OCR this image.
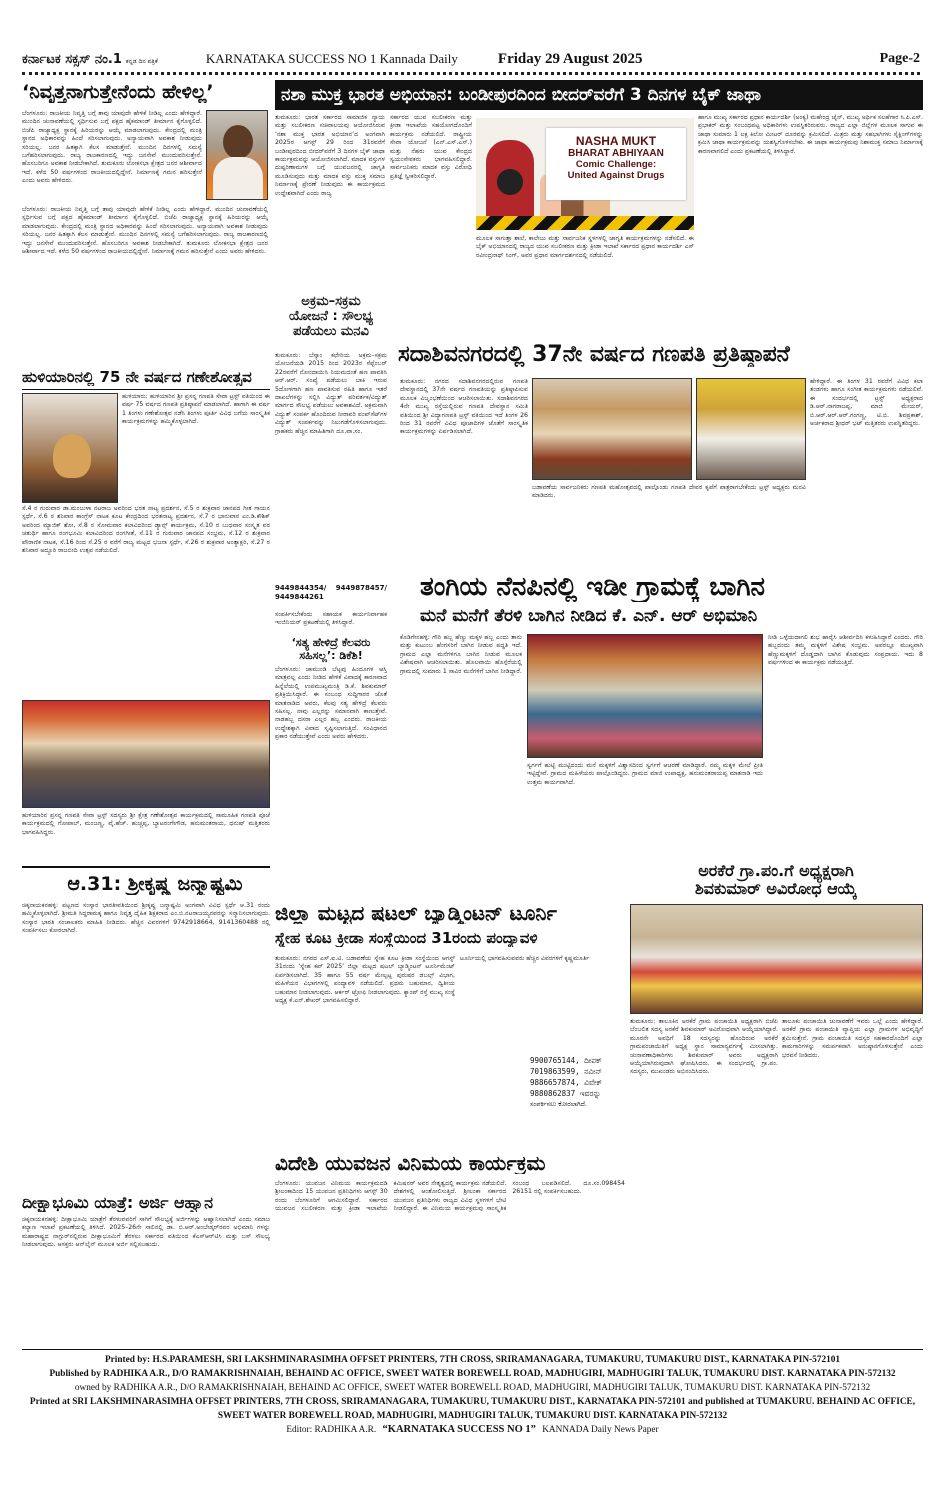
ಕರ್ನಾಟಕ ಸಕ್ಸಸ್ ನಂ.1 ಕನ್ನಡ ದಿನ ಪತ್ರಿಕೆ	KARNATAKA SUCCESS NO 1 Kannada Daily	Friday 29 August 2025	Page-2
‘ನಿವೃತ್ತನಾಗುತ್ತೇನೆಂದು ಹೇಳಿಲ್ಲ’

ಬೆಂಗಳೂರು: ರಾಜಕೀಯ ನಿವೃತ್ತಿ ಬಗ್ಗೆ ತಾವು ಯಾವುದೇ ಹೇಳಿಕೆ ನೀಡಿಲ್ಲ ಎಂದು ಹೇಳಿದ್ದಾರೆ. ಮುಂದಿನ ಚುನಾವಣೆಯಲ್ಲಿ ಸ್ಪರ್ಧಿಸುವ ಬಗ್ಗೆ ಪಕ್ಷದ ಹೈಕಮಾಂಡ್ ತೀರ್ಮಾನ ಕೈಗೊಳ್ಳಲಿದೆ. ಬಿಜೆಪಿ ರಾಜ್ಯಾಧ್ಯಕ್ಷ ಸ್ಥಾನಕ್ಕೆ ಹಿರಿಯರನ್ನು ಆಯ್ಕೆ ಮಾಡಲಾಗುವುದು. ಕೇಂದ್ರದಲ್ಲಿ ಮಂತ್ರಿ ಸ್ಥಾನದ ಅಧಿಕಾರವನ್ನು ಹಿಂದೆ ಸರಿಸಲಾಗುವುದು. ಅನ್ಯಾಯವಾಗಿ ಅವಕಾಶ ನೀಡುವುದು ಸರಿಯಲ್ಲ. ಜನರ ಹಿತಕ್ಕಾಗಿ ಕೆಲಸ ಮಾಡುತ್ತೇನೆ. ಮುಂದಿನ ದಿನಗಳಲ್ಲಿ ಸಮಸ್ಯೆ ಬಗೆಹರಿಸಲಾಗುವುದು. ರಾಜ್ಯ ರಾಜಕಾರಣದಲ್ಲಿ ಇದ್ದು ಜನಸೇವೆ ಮುಂದುವರಿಸುತ್ತೇನೆ. ಹೊಸಬರಿಗೂ ಅವಕಾಶ ನೀಡಬೇಕಾಗಿದೆ. ತುಮಕೂರು ಲೋಕಸಭಾ ಕ್ಷೇತ್ರದ ಜನರ ಆಶೀರ್ವಾದ ಇದೆ. ಕಳೆದ 50 ವರ್ಷಗಳಿಂದ ರಾಜಕೀಯದಲ್ಲಿದ್ದೇನೆ. ನಿರ್ಮಾಣಕ್ಕೆ ಗಮನ ಹರಿಸುತ್ತೇನೆ ಎಂದು ಅವರು ಹೇಳಿದರು.

ಬೆಂಗಳೂರು: ರಾಜಕೀಯ ನಿವೃತ್ತಿ ಬಗ್ಗೆ ತಾವು ಯಾವುದೇ ಹೇಳಿಕೆ ನೀಡಿಲ್ಲ ಎಂದು ಹೇಳಿದ್ದಾರೆ. ಮುಂದಿನ ಚುನಾವಣೆಯಲ್ಲಿ ಸ್ಪರ್ಧಿಸುವ ಬಗ್ಗೆ ಪಕ್ಷದ ಹೈಕಮಾಂಡ್ ತೀರ್ಮಾನ ಕೈಗೊಳ್ಳಲಿದೆ. ಬಿಜೆಪಿ ರಾಜ್ಯಾಧ್ಯಕ್ಷ ಸ್ಥಾನಕ್ಕೆ ಹಿರಿಯರನ್ನು ಆಯ್ಕೆ ಮಾಡಲಾಗುವುದು. ಕೇಂದ್ರದಲ್ಲಿ ಮಂತ್ರಿ ಸ್ಥಾನದ ಅಧಿಕಾರವನ್ನು ಹಿಂದೆ ಸರಿಸಲಾಗುವುದು. ಅನ್ಯಾಯವಾಗಿ ಅವಕಾಶ ನೀಡುವುದು ಸರಿಯಲ್ಲ. ಜನರ ಹಿತಕ್ಕಾಗಿ ಕೆಲಸ ಮಾಡುತ್ತೇನೆ. ಮುಂದಿನ ದಿನಗಳಲ್ಲಿ ಸಮಸ್ಯೆ ಬಗೆಹರಿಸಲಾಗುವುದು. ರಾಜ್ಯ ರಾಜಕಾರಣದಲ್ಲಿ ಇದ್ದು ಜನಸೇವೆ ಮುಂದುವರಿಸುತ್ತೇನೆ. ಹೊಸಬರಿಗೂ ಅವಕಾಶ ನೀಡಬೇಕಾಗಿದೆ. ತುಮಕೂರು ಲೋಕಸಭಾ ಕ್ಷೇತ್ರದ ಜನರ ಆಶೀರ್ವಾದ ಇದೆ. ಕಳೆದ 50 ವರ್ಷಗಳಿಂದ ರಾಜಕೀಯದಲ್ಲಿದ್ದೇನೆ. ನಿರ್ಮಾಣಕ್ಕೆ ಗಮನ ಹರಿಸುತ್ತೇನೆ ಎಂದು ಅವರು ಹೇಳಿದರು.

ಹುಳಿಯಾರಿನಲ್ಲಿ 75 ನೇ ವರ್ಷದ ಗಣೇಶೋತ್ಸವ

ಹುಳಿಯಾರು: ಹುಳಿಯಾರಿನ ಶ್ರೀ ಪ್ರಸನ್ನ ಗಣಪತಿ ಸೇವಾ ಟ್ರಸ್ಟ್ ವತಿಯಿಂದ ಈ ವರ್ಷ 75 ವರ್ಷದ ಗಣಪತಿ ಪ್ರತಿಷ್ಠಾಪನೆ ಮಾಡಲಾಗಿದೆ. ಹಾಗಾಗಿ ಈ ವರ್ಷ 1 ತಿಂಗಳು ಗಣೇಶೋತ್ಸವ ನಡೆಸಿ ತಿಂಗಳು ಪೂರ್ತಿ ವಿವಿಧ ಬಗೆಯ ಸಾಂಸ್ಕೃತಿಕ ಕಾರ್ಯಕ್ರಮಗಳನ್ನು ಹಮ್ಮಿಕೊಳ್ಳಲಾಗಿದೆ.

ಸೆ.4 ರ ಗುರುವಾರ ಡಾ.ಮಂಜುಳಾ ನಟರಾಜ ಅವರಿಂದ ಭರತ ನಾಟ್ಯ ಪ್ರದರ್ಶನ, ಸೆ.5 ರ ಶುಕ್ರವಾರ ಜಾನಪದ ಗೀತ ಗಾಯನ ಸ್ಪರ್ಧೆ, ಸೆ.6 ರ ಶನಿವಾರ ಕಾಂಗ್ರೆಸ್ ನಾಟಕ ಕೂಟ ಕೇಂದ್ರದಿಂದ ಭರತನಾಟ್ಯ ಪ್ರದರ್ಶನ, ಸೆ.7 ರ ಭಾನುವಾರ ಎಂ.ಡಿ.ಕೌಶಿಕ್ ಅವರಿಂದ ಮ್ಯಾಜಿಕ್ ಶೋ, ಸೆ.8 ರ ಸೋಮವಾರ ಕಲಾವಿದರಿಂದ ಡ್ಯಾನ್ಸ್ ಕಾರ್ಯಕ್ರಮ, ಸೆ.10 ರ ಬುಧವಾರ ಸಂಸ್ಕೃತ ವರ ಚತುರ್ಥಿ ಹಾಗೂ ರಂಗಭೂಮಿ ಕಲಾವಿದರಿಂದ ರಂಗಗೀತೆ, ಸೆ.11 ರ ಗುರುವಾರ ಜಾನಪದ ಸಂಭ್ರಮ, ಸೆ.12 ರ ಶುಕ್ರವಾರ ಪೌರಾಣಿಕ ನಾಟಕ, ಸೆ.16 ರಿಂದ ಸೆ.25 ರ ವರೆಗೆ ರಾಜ್ಯ ಮಟ್ಟದ ಭಜನಾ ಸ್ಪರ್ಧೆ, ಸೆ.26 ರ ಶುಕ್ರವಾರ ಅಂತ್ಯಾಕ್ಷರಿ, ಸೆ.27 ರ ಶನಿವಾರ ಅದ್ದೂರಿ ರಾಜಬೀದಿ ಉತ್ಸವ ನಡೆಯಲಿದೆ.

ಹುಳಿಯಾರಿನ ಪ್ರಸನ್ನ ಗಣಪತಿ ಸೇವಾ ಟ್ರಸ್ಟ್ ಸದಸ್ಯರು ಶ್ರೀ ಕ್ಷೇತ್ರ ಗಣೇಶೋತ್ಸವ ಕಾರ್ಯಕ್ರಮದಲ್ಲಿ ಸಾಮೂಹಿಕ ಗಣಪತಿ ಪೂಜೆ ಕಾರ್ಯಕ್ರಮದಲ್ಲಿ ಗೋಪಾಲ್, ಮಂಜಣ್ಣ, ವೈ.ಹೆಚ್. ಹುಚ್ಚಪ್ಪ, ಬ್ಯಾಟರಂಗೇಗೌಡ, ಹನುಮಂತರಾಯ, ಧನುಷ್ ಮತ್ತಿತರರು ಭಾಗವಹಿಸಿದ್ದರು.

ಆ.31: ಶ್ರೀಕೃಷ್ಣ ಜನ್ಮಾಷ್ಟಮಿ

ಚಿಕ್ಕನಾಯಕನಹಳ್ಳಿ: ಪಟ್ಟಣದ ಸಂಸ್ಕಾರ ಭಾರತೀವತಿಯಿಂದ ಶ್ರೀಕೃಷ್ಣ ಜನ್ಮಾಷ್ಟಮಿ ಅಂಗವಾಗಿ ವಿವಿಧ ಸ್ಪರ್ಧೆ ಆ.31 ರಂದು ಹಮ್ಮಿಕೊಳ್ಳಲಾಗಿದೆ. ಶ್ರೀಮತಿ ಸಿದ್ಧರಾಮಕ್ಕ ಹಾಗೂ ನಿವೃತ್ತ ದೈಹಿಕ ಶಿಕ್ಷಕರಾದ ಎಂ.ಬಿ.ನಟರಾಜಯ್ಯನವರನ್ನು ಸನ್ಮಾನಿಸಲಾಗುವುದು. ಸಂಸ್ಕಾರ ಭಾರತಿ ಸಂಚಾಲಕರು ಮಾಹಿತಿ ನೀಡಿದರು. ಹೆಚ್ಚಿನ ವಿವರಗಳಿಗೆ 9742918664, 9141360488 ರಲ್ಲಿ ಸಂಪರ್ಕಿಸಲು ಕೋರಲಾಗಿದೆ.

ದೀಕ್ಷಾಭೂಮಿ ಯಾತ್ರೆ: ಅರ್ಜಿ ಆಹ್ವಾನ

ಚಿಕ್ಕನಾಯಕನಹಳ್ಳಿ: ದೀಕ್ಷಾಭೂಮಿ ಯಾತ್ರೆಗೆ ತೆರಳುವವರಿಗೆ ಸಾಗಿಗೆ ಸೌಲಭ್ಯಕ್ಕೆ ಅರ್ಜಿಗಳನ್ನು ಆಹ್ವಾನಿಸಲಾಗಿದೆ ಎಂದು ಸಮಾಜ ಕಲ್ಯಾಣ ಇಲಾಖೆ ಪ್ರಕಟಣೆಯಲ್ಲಿ ತಿಳಿಸಿದೆ. 2025–26ನೇ ಸಾಲಿನಲ್ಲಿ ಡಾ. ಬಿ.ಆರ್.ಅಂಬೇಡ್ಕರ್‌ರವರ ಅಭಿಮಾನಿ ಗಳನ್ನು ಮಹಾರಾಷ್ಟ್ರದ ನಾಗ್ಪುರ್‌ನಲ್ಲಿರುವ ದೀಕ್ಷಾಭೂಮಿಗೆ ತೆರಳಲು ಸರ್ಕಾರದ ವತಿಯಿಂದ ಕೆಎಸ್‌ಆರ್‌ಟಿಸಿ ಮತ್ತು ಬಸ್ ಸೌಲಭ್ಯ ನೀಡಲಾಗುವುದು. ಆಸಕ್ತರು ಆನ್‌ಲೈನ್ ಮೂಲಕ ಅರ್ಜಿ ಸಲ್ಲಿಸಬಹುದು.

ನಶಾ ಮುಕ್ತ ಭಾರತ ಅಭಿಯಾನ: ಬಂಡೀಪುರದಿಂದ ಬೀದರ್‌ವರೆಗೆ 3 ದಿನಗಳ ಬೈಕ್ ಜಾಥಾ

ತುಮಕೂರು: ಭಾರತ ಸರ್ಕಾರದ ಸಾಮಾಜಿಕ ನ್ಯಾಯ ಮತ್ತು ಸಬಲೀಕರಣ ಸಚಿವಾಲಯವು ಆಯೋಜಿಸಿರುವ ‘ನಶಾ ಮುಕ್ತ ಭಾರತ ಅಭಿಯಾನ’ದ ಅಂಗವಾಗಿ 2025ರ ಆಗಸ್ಟ್ 29 ರಿಂದ 31ರವರೆಗೆ ಬಂಡೀಪುರದಿಂದ ಬೀದರ್‌ವರೆಗೆ 3 ದಿನಗಳ ಬೈಕ್ ಜಾಥಾ ಕಾರ್ಯಕ್ರಮವನ್ನು ಆಯೋಜಿಸಲಾಗಿದೆ. ಮಾದಕ ವಸ್ತುಗಳ ದುಷ್ಪರಿಣಾಮಗಳ ಬಗ್ಗೆ ಯುವಜನರಲ್ಲಿ ಜಾಗೃತಿ ಮೂಡಿಸುವುದು ಮತ್ತು ಮಾದಕ ವಸ್ತು ಮುಕ್ತ ಸಮಾಜ ನಿರ್ಮಾಣಕ್ಕೆ ಪ್ರೇರಣೆ ನೀಡುವುದು ಈ ಕಾರ್ಯಕ್ರಮದ ಉದ್ದೇಶವಾಗಿದೆ ಎಂದು ರಾಜ್ಯ

ಸರ್ಕಾರದ ಯುವ ಸಬಲೀಕರಣ ಮತ್ತು ಕ್ರೀಡಾ ಇಲಾಖೆಯ ಸಹಯೋಗದೊಂದಿಗೆ ಕಾರ್ಯಕ್ರಮ ನಡೆಯಲಿದೆ. ರಾಷ್ಟ್ರೀಯ ಸೇವಾ ಯೋಜನೆ (ಎನ್.ಎಸ್.ಎಸ್.) ಮತ್ತು ನೆಹರು ಯುವ ಕೇಂದ್ರದ ಸ್ವಯಂಸೇವಕರು ಭಾಗವಹಿಸಲಿದ್ದಾರೆ. ಸಾರ್ವಜನಿಕರು ಮಾದಕ ವಸ್ತು ವಿರೋಧಿ ಪ್ರತಿಜ್ಞೆ ಸ್ವೀಕರಿಸಲಿದ್ದಾರೆ.

NASHA MUKT
BHARAT ABHIYAAN
Comic Challenge:
United Against Drugs

ಮೂಲಕ ಸಾಗುತ್ತಾ ಶಾಲೆ, ಕಾಲೇಜು ಮತ್ತು ಸಾರ್ವಜನಿಕ ಸ್ಥಳಗಳಲ್ಲಿ ಜಾಗೃತಿ ಕಾರ್ಯಕ್ರಮಗಳನ್ನು ನಡೆಸಲಿದೆ. ಈ ಬೈಕ್ ಅಭಿಯಾನದಲ್ಲಿ ರಾಜ್ಯದ ಯುವ ಸಬಲೀಕರಣ ಮತ್ತು ಕ್ರೀಡಾ ಇಲಾಖೆ ಸರ್ಕಾರದ ಪ್ರಧಾನ ಕಾರ್ಯದರ್ಶಿ ಎಸ್ ರವೀಂದ್ರನಾಥ್ ಸಿಂಗ್, ಅವರ ಪ್ರಧಾನ ಮಾರ್ಗದರ್ಶನದಲ್ಲಿ ನಡೆಯಲಿದೆ.

ಹಾಗೂ ಮುಖ್ಯ ಸರ್ಕಾರದ ಪ್ರಧಾನ ಕಾರ್ಯದರ್ಶಿ (ಅಂಕ್ಯ) ಮಹೇಂದ್ರ ಜೈನ್, ಮುಖ್ಯ ಅರ್ಥಿಕ ಸಲಹೆಗಾರ ಸಿ.ಪಿ.ಎಸ್. ಪ್ರಭಾಕರ್ ಮತ್ತು ಸಂಬಂಧಪಟ್ಟ ಅಧಿಕಾರಿಗಳು ಉಪಸ್ಥಿತರಿರುವರು. ರಾಜ್ಯದ ಎಲ್ಲಾ ಜಿಲ್ಲೆಗಳ ಮೂಲಕ ಸಾಗುವ ಈ ಜಾಥಾ ಸುಮಾರು 1 ಲಕ್ಷ ಕಿಲೋ ಮೀಟರ್ ದೂರವನ್ನು ಕ್ರಮಿಸಲಿದೆ. ಮಿತ್ರರು ಮತ್ತು ಸಹಭಾಗಿಗಳು ಸೈಕ್ಲಿಂಗ್‌ಗಳನ್ನು ಕ್ರಮಿಸಿ ಜಾಥಾ ಕಾರ್ಯಕ್ರಮವನ್ನು ಯಶಸ್ವಿಗೊಳಿಸಬೇಕು. ಈ ಜಾಥಾ ಕಾರ್ಯಕ್ರಮವು ನಿಶಾಮುಕ್ತ ಸಮಾಜ ನಿರ್ಮಾಣಕ್ಕೆ ಕಾರಣವಾಗಲಿದೆ ಎಂದು ಪ್ರಕಟಣೆಯಲ್ಲಿ ತಿಳಿಸಿದ್ದಾರೆ.

ಅಕ್ರಮ–ಸಕ್ರಮ
ಯೋಜನೆ : ಸೌಲಭ್ಯ
ಪಡೆಯಲು ಮನವಿ

ತುಮಕೂರು: ಬೆಸ್ಕಾಂ ಕಛೇರಿಯ ಅಕ್ರಮ–ಸಕ್ರಮ ಯೋಜನೆಯಡಿ 2015 ರಿಂದ 2023ರ ಸೆಪ್ಟೆಂಬರ್ 22ರವರೆಗೆ ನೋಂದಾಯಿಸಿ ನಿಯಮದಂತೆ ಹಣ ಪಾವತಿಸಿ ಆರ್.ಆರ್. ಸಂಖ್ಯೆ ಪಡೆಯಲು ಬಾಕಿ ಇರುವ 5ದೋಳಗಾಗಿ ಹಣ ಪಾವತಿಸುವ ರಹಿತಿ ಹಾಗೂ ಇತರೆ ದಾಖಲೆಗಳನ್ನು ಸಲ್ಲಿಸಿ ವಿದ್ಯುತ್ ಪರಿವರ್ತಕ/ವಿದ್ಯುತ್ ಮಾರ್ಗದ ಸೌಲಭ್ಯ ಪಡೆಯಲು ಅವಕಾಶವಿದೆ. ಅಕ್ರಮವಾಗಿ ವಿದ್ಯುತ್ ಸಂಪರ್ಕ ಹೊಂದಿರುವ ನೀರಾವರಿ ಪಂಪ್‌ಸೆಟ್‌ಗಳ ವಿದ್ಯುತ್ ಸಂಪರ್ಕವನ್ನು ನಿಲುಗಡೆಗೊಳಿಸಲಾಗುವುದು. ಗ್ರಾಹಕರು ಹೆಚ್ಚಿನ ಮಾಹಿತಿಗಾಗಿ ದೂ.ವಾ.ಸಂ.

9449844354/ 9449878457/ 9449844261

ಸಂಪರ್ಕಿಸಬೇಕೆಂದು ಸಹಾಯಕ ಕಾರ್ಯನಿರ್ವಾಹಕ ಇಂಜಿನಿಯರ್ ಪ್ರಕಟಣೆಯಲ್ಲಿ ತಿಳಿಸಿದ್ದಾರೆ.

‘ಸತ್ಯ ಹೇಳಿದ್ರೆ ಕೆಲವರು
ಸಹಿಸಲ್ಲ’: ಡಿಕೆಶಿ!

ಬೆಂಗಳೂರು: ಚಾಮುಂಡಿ ಬೆಟ್ಟವು ಹಿಂದೂಗಳ ಆಸ್ತಿ ಮಾತ್ರವಲ್ಲ ಎಂದು ನೀಡಿದ ಹೇಳಿಕೆ ವಿವಾದಕ್ಕೆ ಕಾರಣವಾದ ಹಿನ್ನೆಲೆಯಲ್ಲಿ ಉಪಮುಖ್ಯಮಂತ್ರಿ ಡಿ.ಕೆ. ಶಿವಕುಮಾರ್ ಪ್ರತಿಕ್ರಿಯಿಸಿದ್ದಾರೆ. ಈ ಸಂಬಂಧ ಸುದ್ದಿಗಾರರ ಜೊತೆ ಮಾತನಾಡಿದ ಅವರು, ಕೆಲವು ಸತ್ಯ ಹೇಳಿದ್ರೆ ಕೆಲವರು ಸಹಿಸಲ್ಲ. ನಾವು ಎಲ್ಲರನ್ನು ಸಮಾನವಾಗಿ ಕಾಣುತ್ತೇವೆ. ನಾಡಹಬ್ಬ ದಸರಾ ಎಲ್ಲರ ಹಬ್ಬ ಎಂದರು. ರಾಜಕೀಯ ಉದ್ದೇಶಕ್ಕಾಗಿ ವಿವಾದ ಸೃಷ್ಟಿಸಲಾಗುತ್ತಿದೆ. ಸಂವಿಧಾನದ ಪ್ರಕಾರ ನಡೆಯುತ್ತೇವೆ ಎಂದು ಅವರು ಹೇಳಿದರು.

ಸದಾಶಿವನಗರದಲ್ಲಿ 37ನೇ ವರ್ಷದ ಗಣಪತಿ ಪ್ರತಿಷ್ಠಾಪನೆ

ತುಮಕೂರು: ನಗರದ ಸದಾಶಿವನಗರದಲ್ಲಿರುವ ಗಣಪತಿ ದೇವಸ್ಥಾನದಲ್ಲಿ 37ನೇ ವರ್ಷದ ಗಣಪತಿಯನ್ನು ಪ್ರತಿಷ್ಠಾಪಿಸುವ ಮೂಲಕ ವಿಜೃಂಭಣೆಯಿಂದ ಆಚರಿಸಲಾಯಿತು. ಸದಾಶಿವನಗರದ 4ನೇ ಮುಖ್ಯ ರಸ್ತೆಯಲ್ಲಿರುವ ಗಣಪತಿ ದೇವಸ್ಥಾನ ಸಮಿತಿ ವತಿಯಿಂದ ಶ್ರೀ ವಿದ್ಯಾಗಣಪತಿ ಟ್ರಸ್ಟ್ ವತಿಯಿಂದ ಇದೆ ತಿಂಗಳ 26 ರಿಂದ 31 ರವರೆಗೆ ವಿವಿಧ ಪೂಜಾದಿಗಳ ಜೊತೆಗೆ ಸಾಂಸ್ಕೃತಿಕ ಕಾರ್ಯಕ್ರಮಗಳನ್ನು ಏರ್ಪಡಿಸಲಾಗಿದೆ.

ಬಡಾವಣೆಯ ಸಾರ್ವಜನಿಕರು ಗಣಪತಿ ಮಹೋತ್ಸವದಲ್ಲಿ ಪಾಲ್ಗೊಂಡು ಗಣಪತಿ ದೇವರ ಕೃಪೆಗೆ ಪಾತ್ರರಾಗಬೇಕೆಂದು ಟ್ರಸ್ಟ್ ಅಧ್ಯಕ್ಷರು ಮನವಿ ಮಾಡಿದರು.

ಹೇಳಿದ್ದಾರೆ. ಈ ತಿಂಗಳ 31 ರವರೆಗೆ ವಿವಿಧ ಕಲಾ ತಂಡಗಳು ಹಾಗೂ ಸಂಗೀತ ಕಾರ್ಯಕ್ರಮಗಳು ನಡೆಯಲಿವೆ. ಈ ಸಂದರ್ಭದಲ್ಲಿ ಟ್ರಸ್ಟ್ ಅಧ್ಯಕ್ಷರಾದ ಡಿ.ಆರ್.ನಾಗರಾಜಪ್ಪ, ಮಾಜಿ ಮೇಯರ್, ಬಿ.ಆರ್.ಆರ್.ಆರ್.ಗಂಗಣ್ಣ, ಟಿ.ಬಿ. ಶಿವಪ್ರಕಾಶ್, ಅರ್ಚಕರಾದ ಶ್ರೀಧರ್ ಭಟ್ ಮತ್ತಿತರರು ಉಪಸ್ಥಿತರಿದ್ದರು.

ತಂಗಿಯ ನೆನಪಿನಲ್ಲಿ ಇಡೀ ಗ್ರಾಮಕ್ಕೆ ಬಾಗಿನ
ಮನೆ ಮನೆಗೆ ತೆರಳಿ ಬಾಗಿನ ನೀಡಿದ ಕೆ. ಎನ್. ಆರ್ ಅಭಿಮಾನಿ

ಕೊಡಿಗೇನಹಳ್ಳಿ: ಗೌರಿ ಹಬ್ಬ ಹೆಣ್ಣು ಮಕ್ಕಳ ಹಬ್ಬ ಎಂದು ತಾನು ಮತ್ತು ಕುಟುಂಬ ಹೆಂಗಸರಿಗೆ ಬಾಗಿನ ನೀಡುವ ಪದ್ಧತಿ ಇದೆ. ಗ್ರಾಮದ ಎಲ್ಲಾ ಮನೆಗಳಿಗೂ ಬಾಗಿನ ನೀಡುವ ಮೂಲಕ ವಿಶೇಷವಾಗಿ ಆಚರಿಸಲಾಯಿತು. ಹೊಲವಾಯಿ ಹೊಸ್ಗೆರೆಯಲ್ಲಿ ಗ್ರಾಮದಲ್ಲಿ ಸುಮಾರು 1 ಸಾವಿರ ಮನೆಗಳಿಗೆ ಬಾಗಿನ ನೀಡಿದ್ದಾರೆ.

ಸ್ವರ್ಗಗೆ ಹುಟ್ಟಿ ಮುಟ್ಟಿದಂದು ಮನೆ ಮಕ್ಕಳಿಗೆ ವಿಶ್ವಾಸದಿಂದ ಸ್ವರ್ಗಗೆ ಆಚರಣೆ ಮಾಡಿದ್ದಾರೆ. ನಮ್ಮ ಮಕ್ಕಳ ಮೇಲೆ ಪ್ರೀತಿ ಇಟ್ಟಿದ್ದೇವೆ. ಗ್ರಾಮದ ಮಹಿಳೆಯರು ಪಾಲ್ಗೊಂಡಿದ್ದರು. ಗ್ರಾಮದ ಮಾಜಿ ಉಪಾಧ್ಯಕ್ಷ, ಹನುಮಂತರಾಯಪ್ಪ ಮಾತನಾಡಿ ಇದು ಉತ್ತಮ ಕಾರ್ಯವಾಗಿದೆ.

ನೀಡಿ ಒಳ್ಳೆಯದಾಗಲಿ ಶುಭ ಹಾರೈಸಿ ಆಶೀರ್ವದಿಸಿ ಕಳುಹಿಸಿದ್ದಾರೆ ಎಂದರು. ಗೌರಿ ಹಬ್ಬದಂದು ತಮ್ಮ ಮಕ್ಕಳಿಗೆ ವಿಶೇಷ ಸಂಭ್ರಮ. ಅವರಲ್ಲೂ ಮುಖ್ಯವಾಗಿ ಹೆಣ್ಣುಮಕ್ಕಳಿಗೆ ದೊಡ್ಡದಾಗಿ ಬಾಗಿನ ಕೊಡುವುದು ಸಂಪ್ರದಾಯ. ಇದು 8 ವರ್ಷಗಳಿಂದ ಈ ಕಾರ್ಯಕ್ರಮ ನಡೆಯುತ್ತಿದೆ.

ಜಿಲ್ಲಾ ಮಟ್ಟದ ಷಟಲ್ ಬ್ಯಾಡ್ಮಿಂಟನ್ ಟೂರ್ನಿ
ಸ್ನೇಹ ಕೂಟ ಕ್ರೀಡಾ ಸಂಸ್ಥೆಯಿಂದ 31ರಂದು ಪಂದ್ಯಾವಳಿ

ತುಮಕೂರು: ನಗರದ ಎಸ್.ಐ.ಟಿ. ಬಡಾವಣೆಯ ಸ್ನೇಹ ಕೂಟ ಕ್ರೀಡಾ ಸಂಸ್ಥೆಯಿಂದ ಆಗಸ್ಟ್ 31ರಂದು ‘ಸ್ನೇಹ ಕಪ್ 2025’ ಜಿಲ್ಲಾ ಮಟ್ಟದ ಷಟಲ್ ಬ್ಯಾಡ್ಮಿಂಟನ್ ಟೂರ್ನಿಮೆಂಟ್ ಏರ್ಪಡಿಸಲಾಗಿದೆ. 35 ಹಾಗೂ 55 ವರ್ಷ ಮೇಲ್ಪಟ್ಟ ಪುರುಷರ ಡಬಲ್ಸ್ ವಿಭಾಗ, ಮಹಿಳೆಯರ ವಿಭಾಗಗಳಲ್ಲಿ ಪಂದ್ಯಾವಳಿ ನಡೆಯಲಿದೆ. ಪ್ರಥಮ ಬಹುಮಾನ, ದ್ವಿತೀಯ ಬಹುಮಾನ ನೀಡಲಾಗುವುದು. ಆರ್ಕರ್ ಟ್ರೋಫಿ ನೀಡಲಾಗುವುದು. ಕ್ಯಾಂಪ್ ರಸ್ತೆ ಮುಖ್ಯ ಸಂಸ್ಥೆ ಅಧ್ಯಕ್ಷ ಕೆ.ಎನ್.ಶೇಖರ್ ಭಾಗವಹಿಸಲಿದ್ದಾರೆ.

ಟೂರ್ನಿಯಲ್ಲಿ ಭಾಗವಹಿಸುವವರು ಹೆಚ್ಚಿನ ವಿವರಗಳಿಗೆ ಕೃಷ್ಣಮೂರ್ತಿ

9900765144, ದೀಪಕ್
7019863599, ನವೀನ್
9886657874, ವಿವೇಕ್
9880862837 ಇವರನ್ನು
ಸಂಪರ್ಕಿಸಲು ಕೋರಲಾಗಿದೆ.
ಅರಕೆರೆ ಗ್ರಾ.ಪಂ.ಗೆ ಅಧ್ಯಕ್ಷರಾಗಿ
ಶಿವಕುಮಾರ್ ಅವಿರೋಧ ಆಯ್ಕೆ

ತುಮಕೂರು: ತಾಲೂಕಿನ ಅರಕೆರೆ ಗ್ರಾಮ ಪಂಚಾಯಿತಿ ಅಧ್ಯಕ್ಷರಾಗಿ ಬಿಜೆಪಿ ಬೆಂಬಲಿತ ಸದಸ್ಯ ಅರಕೆರೆ ಶಿವಕುಮಾರ್ ಅವಿರೋಧವಾಗಿ ಆಯ್ಕೆಯಾಗಿದ್ದಾರೆ. ಮೂರನೇ ಅವಧಿಗೆ 18 ಸದಸ್ಯರನ್ನು ಹೊಂದಿರುವ ಅರಕೆರೆ ಗ್ರಾಮಪಂಚಾಯಿತಿಗೆ ಅಧ್ಯಕ್ಷ ಸ್ಥಾನ ಸಾಮಾನ್ಯವರ್ಗಕ್ಕೆ ಮೀಸಲಾಗಿತ್ತು. ಚುನಾವಣಾಧಿಕಾರಿಗಳು ಶಿವಕುಮಾರ್ ಅವರು ಅಧ್ಯಕ್ಷರಾಗಿ ಆಯ್ಕೆಯಾಗಿರುವುದಾಗಿ ಘೋಷಿಸಿದರು. ಈ ಸಂದರ್ಭದಲ್ಲಿ ಗ್ರಾ.ಪಂ. ಸದಸ್ಯರು, ಮುಖಂಡರು ಅಭಿನಂದಿಸಿದರು.

ತಾಲೂಕು ಪಂಚಾಯಿತಿ ಚುನಾವಣೆಗೆ ಇವರು ಒಲ್ಲೆ ಎಂದು ಹೇಳಿದ್ದಾರೆ. ಅರಕೆರೆ ಗ್ರಾಮ ಪಂಚಾಯಿತಿ ವ್ಯಾಪ್ತಿಯ ಎಲ್ಲಾ ಗ್ರಾಮಗಳ ಅಭಿವೃದ್ಧಿಗೆ ಶ್ರಮಿಸುತ್ತೇನೆ. ಗ್ರಾಮ ಪಂಚಾಯಿತಿ ಸದಸ್ಯರ ಸಹಕಾರದೊಂದಿಗೆ ಎಲ್ಲಾ ಕಾಮಗಾರಿಗಳನ್ನು ಸಮರ್ಪಕವಾಗಿ ಅನುಷ್ಠಾನಗೊಳಿಸುತ್ತೇನೆ ಎಂದು ಭರವಸೆ ನೀಡಿದರು.

ವಿದೇಶಿ ಯುವಜನ ವಿನಿಮಯ ಕಾರ್ಯಕ್ರಮ

ಬೆಂಗಳೂರು: ಯುವಜನ ವಿನಿಮಯ ಕಾರ್ಯಕ್ರಮದಡಿ ಶ್ರೀಲಂಕಾದಿಂದ 15 ಯುವಜನ ಪ್ರತಿನಿಧಿಗಳು ಆಗಸ್ಟ್ 30 ರಂದು ಬೆಂಗಳೂರಿಗೆ ಆಗಮಿಸಲಿದ್ದಾರೆ. ಸರ್ಕಾರದ ಯುವಜನ ಸಬಲೀಕರಣ ಮತ್ತು ಕ್ರೀಡಾ ಇಲಾಖೆಯ ಕಮಿಷನರ್ ಅವರ ನೇತೃತ್ವದಲ್ಲಿ ಕಾರ್ಯಕ್ರಮ ನಡೆಯಲಿದೆ. ದೇಶಗಳಲ್ಲಿ ಆಂತೋಲಿಸುತ್ತಿದೆ. ಶ್ರೀಲಂಕಾ ಸರ್ಕಾರದ ಯುವಜನ ಪ್ರತಿನಿಧಿಗಳು ರಾಜ್ಯದ ವಿವಿಧ ಸ್ಥಳಗಳಿಗೆ ಭೇಟಿ ನೀಡಲಿದ್ದಾರೆ. ಈ ವಿನಿಮಯ ಕಾರ್ಯಕ್ರಮವು ಸಾಂಸ್ಕೃತಿಕ ಸಂಬಂಧ ಬಲಪಡಿಸಲಿದೆ. ದೂ.ಸಂ.098454 26151 ರಲ್ಲಿ ಸಂಪರ್ಕಿಸಬಹುದು.

Printed by: H.S.PARAMESH, SRI LAKSHMINARASIMHA OFFSET PRINTERS, 7TH CROSS, SRIRAMANAGARA, TUMAKURU, TUMAKURU DIST., KARNATAKA PIN-572101
Published by RADHIKA A.R., D/O RAMAKRISHNAIAH, BEHAIND AC OFFICE, SWEET WATER BOREWELL ROAD, MADHUGIRI, MADHUGIRI TALUK, TUMAKURU DIST. KARNATAKA PIN-572132
owned by RADHIKA A.R., D/O RAMAKRISHNAIAH, BEHAIND AC OFFICE, SWEET WATER BOREWELL ROAD, MADHUGIRI, MADHUGIRI TALUK, TUMAKURU DIST. KARNATAKA PIN-572132
Printed at SRI LAKSHMINARASIMHA OFFSET PRINTERS, 7TH CROSS, SRIRAMANAGARA, TUMAKURU, TUMAKURU DIST., KARNATAKA PIN-572101 and published at TUMAKURU. BEHAIND AC OFFICE, SWEET WATER BOREWELL ROAD, MADHUGIRI, MADHUGIRI TALUK, TUMAKURU DIST. KARNATAKA PIN-572132
Editor: RADHIKA A.R. “KARNATAKA SUCCESS NO 1” KANNADA Daily News Paper
